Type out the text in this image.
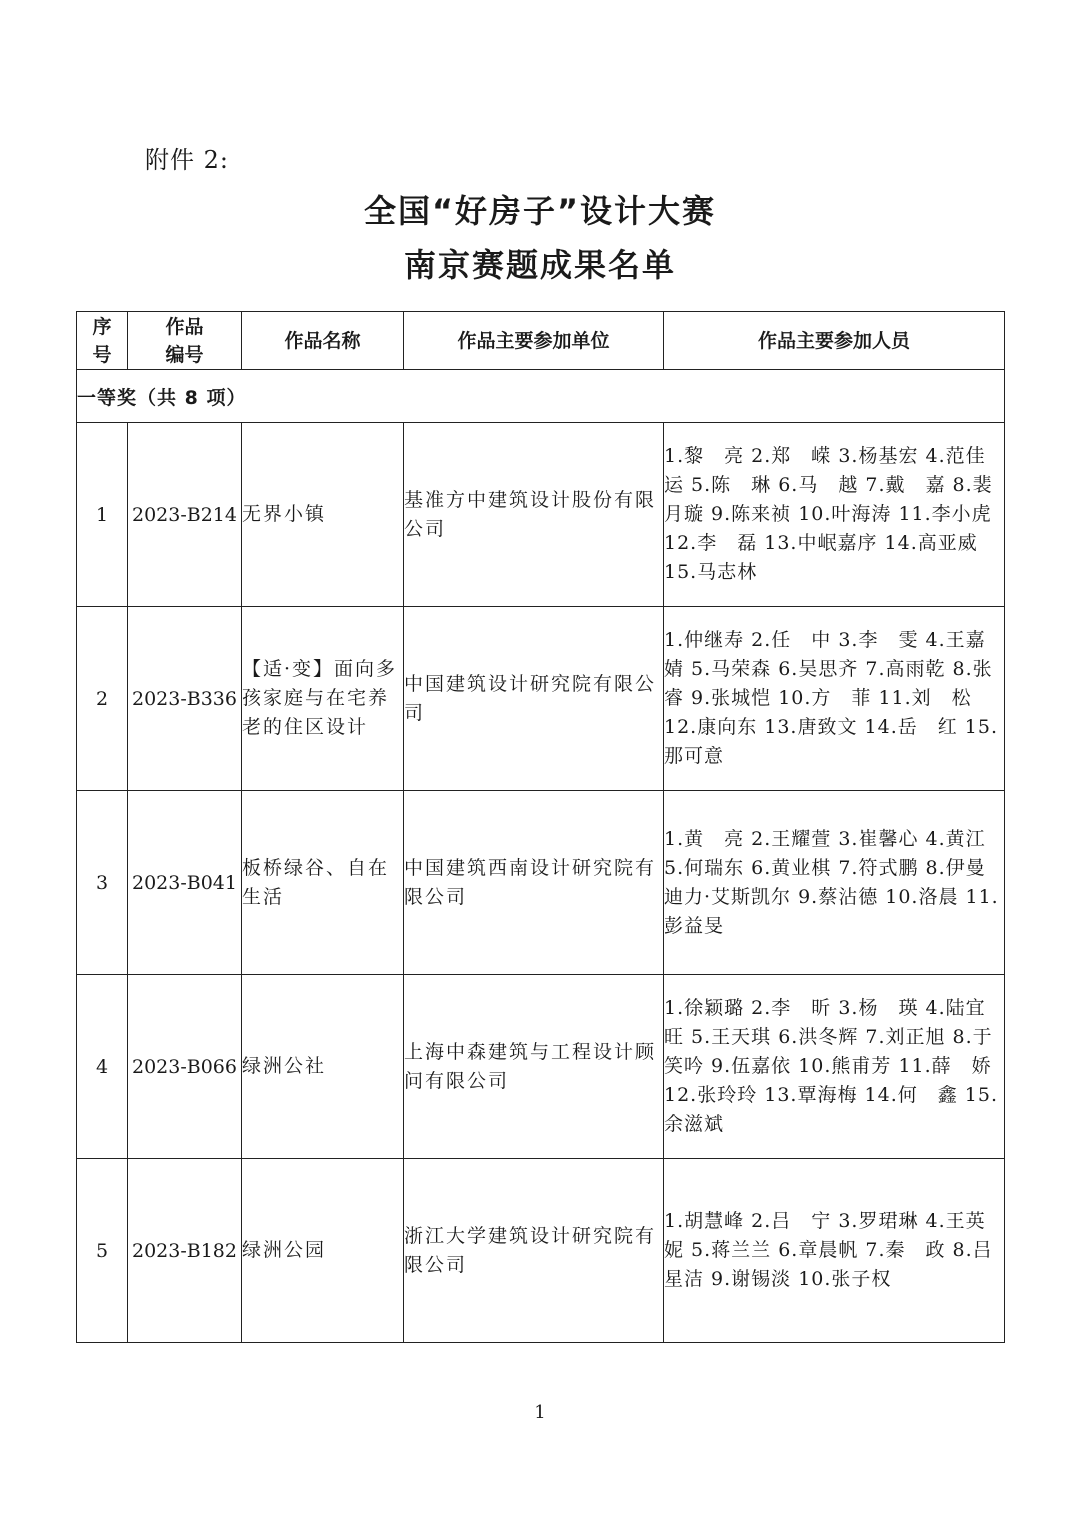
附件 2:
全国“好房子”设计大赛
南京赛题成果名单
序号	作品编号	作品名称	作品主要参加单位	作品主要参加人员
一等奖（共 8 项）				
1	2023-B214	无界小镇	基准方中建筑设计股份有限公司	1.黎　亮 2.郑　嵘 3.杨基宏 4.范佳运 5.陈　琳 6.马　越 7.戴　嘉 8.裴月璇 9.陈来祯 10.叶海涛 11.李小虎 12.李　磊 13.中岷嘉序 14.高亚威 15.马志林
2	2023-B336	【适·变】面向多孩家庭与在宅养老的住区设计	中国建筑设计研究院有限公司	1.仲继寿 2.任　中 3.李　雯 4.王嘉婧 5.马荣森 6.吴思齐 7.高雨乾 8.张睿 9.张城恺 10.方　菲 11.刘　松 12.康向东 13.唐致文 14.岳　红 15.那可意
3	2023-B041	板桥绿谷、自在生活	中国建筑西南设计研究院有限公司	1.黄　亮 2.王耀萱 3.崔馨心 4.黄江 5.何瑞东 6.黄业棋 7.符式鹏 8.伊曼迪力·艾斯凯尔 9.蔡沾德 10.洛晨 11.彭益旻
4	2023-B066	绿洲公社	上海中森建筑与工程设计顾问有限公司	1.徐颖璐 2.李　昕 3.杨　瑛 4.陆宜旺 5.王天琪 6.洪冬辉 7.刘正旭 8.于笑吟 9.伍嘉依 10.熊甫芳 11.薛　娇 12.张玲玲 13.覃海梅 14.何　鑫 15.余滋斌
5	2023-B182	绿洲公园	浙江大学建筑设计研究院有限公司	1.胡慧峰 2.吕　宁 3.罗珺琳 4.王英妮 5.蒋兰兰 6.章晨帆 7.秦　政 8.吕星洁 9.谢锡淡 10.张子权
1
